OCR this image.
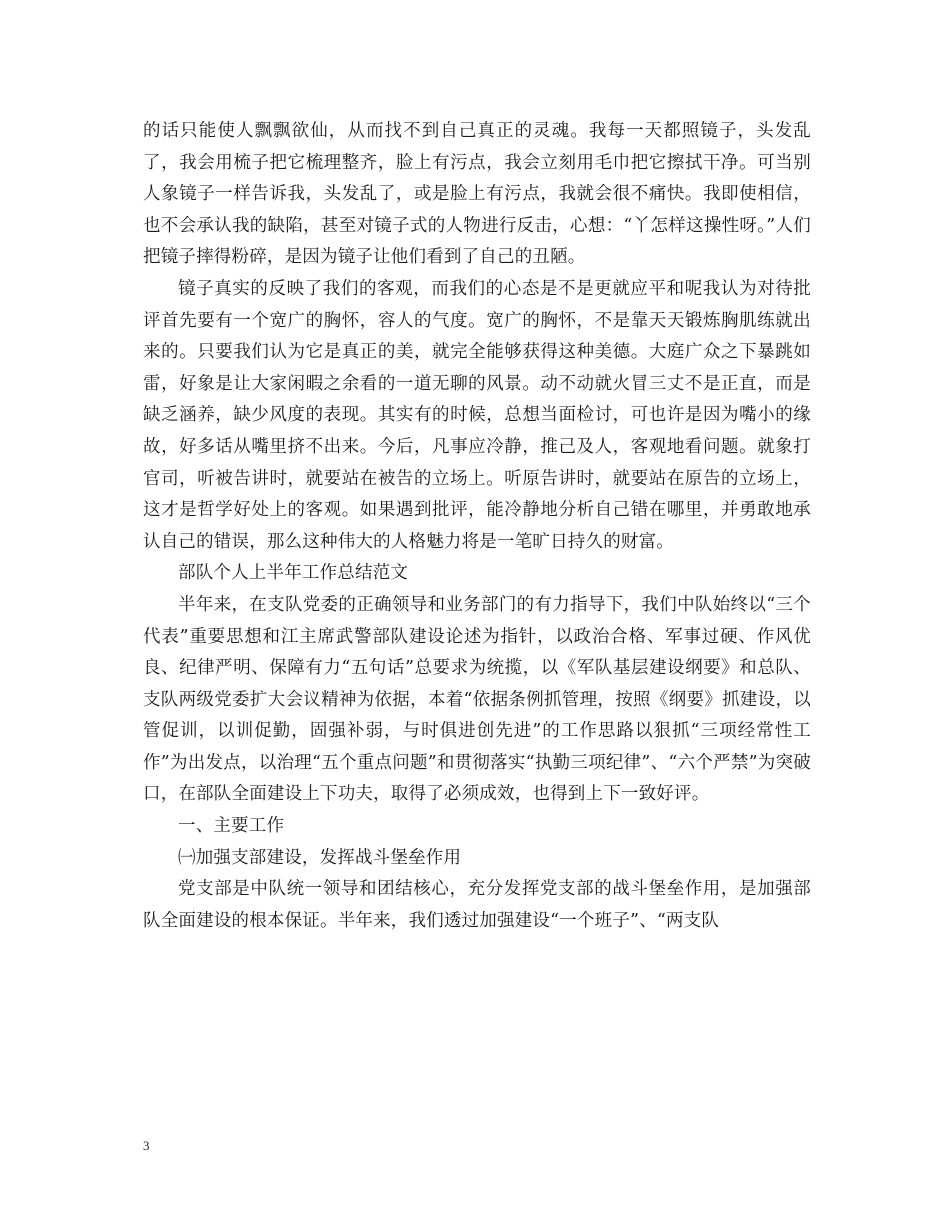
的话只能使人飘飘欲仙，从而找不到自己真正的灵魂。我每一天都照镜子，头发乱了，我会用梳子把它梳理整齐，脸上有污点，我会立刻用毛巾把它擦拭干净。可当别人象镜子一样告诉我，头发乱了，或是脸上有污点，我就会很不痛快。我即使相信，也不会承认我的缺陷，甚至对镜子式的人物进行反击，心想：“丫怎样这操性呀。”人们把镜子摔得粉碎，是因为镜子让他们看到了自己的丑陋。

镜子真实的反映了我们的客观，而我们的心态是不是更就应平和呢我认为对待批评首先要有一个宽广的胸怀，容人的气度。宽广的胸怀，不是靠天天锻炼胸肌练就出来的。只要我们认为它是真正的美，就完全能够获得这种美德。大庭广众之下暴跳如雷，好象是让大家闲暇之余看的一道无聊的风景。动不动就火冒三丈不是正直，而是缺乏涵养，缺少风度的表现。其实有的时候，总想当面检讨，可也许是因为嘴小的缘故，好多话从嘴里挤不出来。今后，凡事应冷静，推己及人，客观地看问题。就象打官司，听被告讲时，就要站在被告的立场上。听原告讲时，就要站在原告的立场上，这才是哲学好处上的客观。如果遇到批评，能冷静地分析自己错在哪里，并勇敢地承认自己的错误，那么这种伟大的人格魅力将是一笔旷日持久的财富。

部队个人上半年工作总结范文

半年来，在支队党委的正确领导和业务部门的有力指导下，我们中队始终以“三个代表”重要思想和江主席武警部队建设论述为指针，以政治合格、军事过硬、作风优良、纪律严明、保障有力“五句话”总要求为统揽，以《军队基层建设纲要》和总队、支队两级党委扩大会议精神为依据，本着“依据条例抓管理，按照《纲要》抓建设，以管促训，以训促勤，固强补弱，与时俱进创先进”的工作思路以狠抓“三项经常性工作”为出发点，以治理“五个重点问题”和贯彻落实“执勤三项纪律”、“六个严禁”为突破口，在部队全面建设上下功夫，取得了必须成效，也得到上下一致好评。

一、主要工作

㈠加强支部建设，发挥战斗堡垒作用

党支部是中队统一领导和团结核心，充分发挥党支部的战斗堡垒作用，是加强部队全面建设的根本保证。半年来，我们透过加强建设“一个班子”、“两支队

3
